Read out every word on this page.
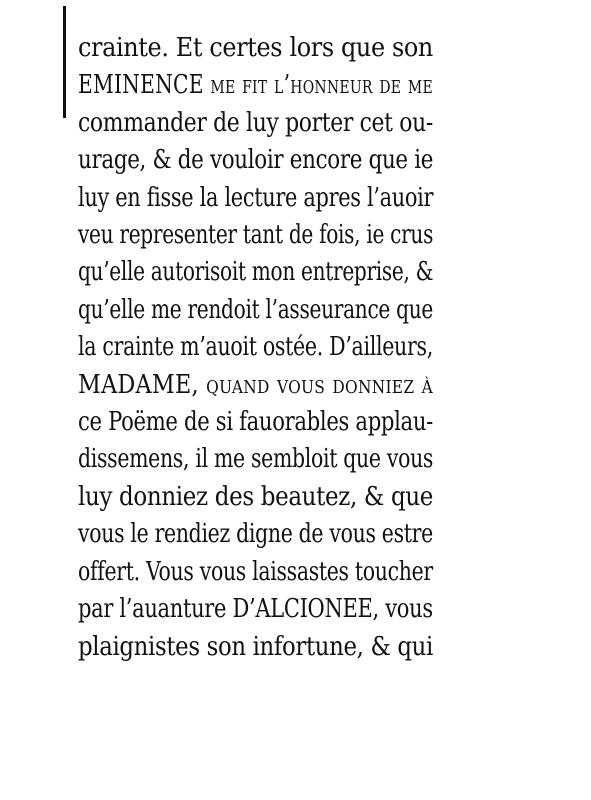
crainte. Et certes lors que son
EMINENCE me fit l’honneur de me
commander de luy porter cet ou-
urage, & de vouloir encore que ie
luy en fisse la lecture apres l’auoir
veu representer tant de fois, ie crus
qu’elle autorisoit mon entreprise, &
qu’elle me rendoit l’asseurance que
la crainte m’auoit ostée. D’ailleurs,
MADAME, quand vous donniez à
ce Poëme de si fauorables applau-
dissemens, il me sembloit que vous
luy donniez des beautez, & que
vous le rendiez digne de vous estre
offert. Vous vous laissastes toucher
par l’auanture D’ALCIONEE, vous
plaignistes son infortune, & qui
